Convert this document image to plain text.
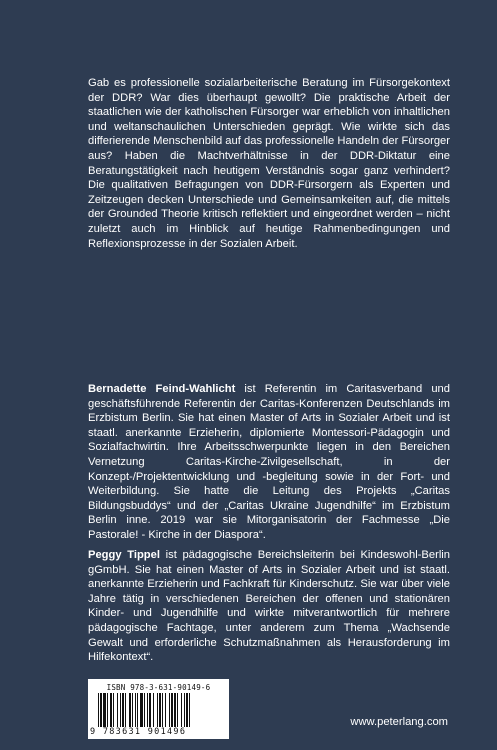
Gab es professionelle sozialarbeiterische Beratung im Fürsorgekontext der DDR? War dies überhaupt gewollt? Die praktische Arbeit der staatlichen wie der katholischen Fürsorger war erheblich von inhaltlichen und weltanschaulichen Unterschieden geprägt. Wie wirkte sich das differierende Menschenbild auf das professionelle Handeln der Fürsorger aus? Haben die Machtverhältnisse in der DDR-Diktatur eine Beratungstätigkeit nach heutigem Verständnis sogar ganz verhindert? Die qualitativen Befragungen von DDR-Fürsorgern als Experten und Zeitzeugen decken Unterschiede und Gemeinsamkeiten auf, die mittels der Grounded Theorie kritisch reflektiert und eingeordnet werden – nicht zuletzt auch im Hinblick auf heutige Rahmenbedingungen und Reflexionsprozesse in der Sozialen Arbeit.

Bernadette Feind-Wahlicht ist Referentin im Caritasverband und geschäftsführende Referentin der Caritas-Konferenzen Deutschlands im Erzbistum Berlin. Sie hat einen Master of Arts in Sozialer Arbeit und ist staatl. anerkannte Erzieherin, diplomierte Montessori-Pädagogin und Sozialfachwirtin. Ihre Arbeitsschwerpunkte liegen in den Bereichen Vernetzung Caritas-Kirche-Zivilgesellschaft, in der Konzept-/Projektentwicklung und -begleitung sowie in der Fort- und Weiterbildung. Sie hatte die Leitung des Projekts „Caritas Bildungsbuddys“ und der „Caritas Ukraine Jugendhilfe“ im Erzbistum Berlin inne. 2019 war sie Mitorganisatorin der Fachmesse „Die Pastorale! - Kirche in der Diaspora“.

Peggy Tippel ist pädagogische Bereichsleiterin bei Kindeswohl-Berlin gGmbH. Sie hat einen Master of Arts in Sozialer Arbeit und ist staatl. anerkannte Erzieherin und Fachkraft für Kinderschutz. Sie war über viele Jahre tätig in verschiedenen Bereichen der offenen und stationären Kinder- und Jugendhilfe und wirkte mitverantwortlich für mehrere pädagogische Fachtage, unter anderem zum Thema „Wachsende Gewalt und erforderliche Schutzmaßnahmen als Herausforderung im Hilfekontext“.

ISBN 978-3-631-90149-6
9 783631 901496
www.peterlang.com
